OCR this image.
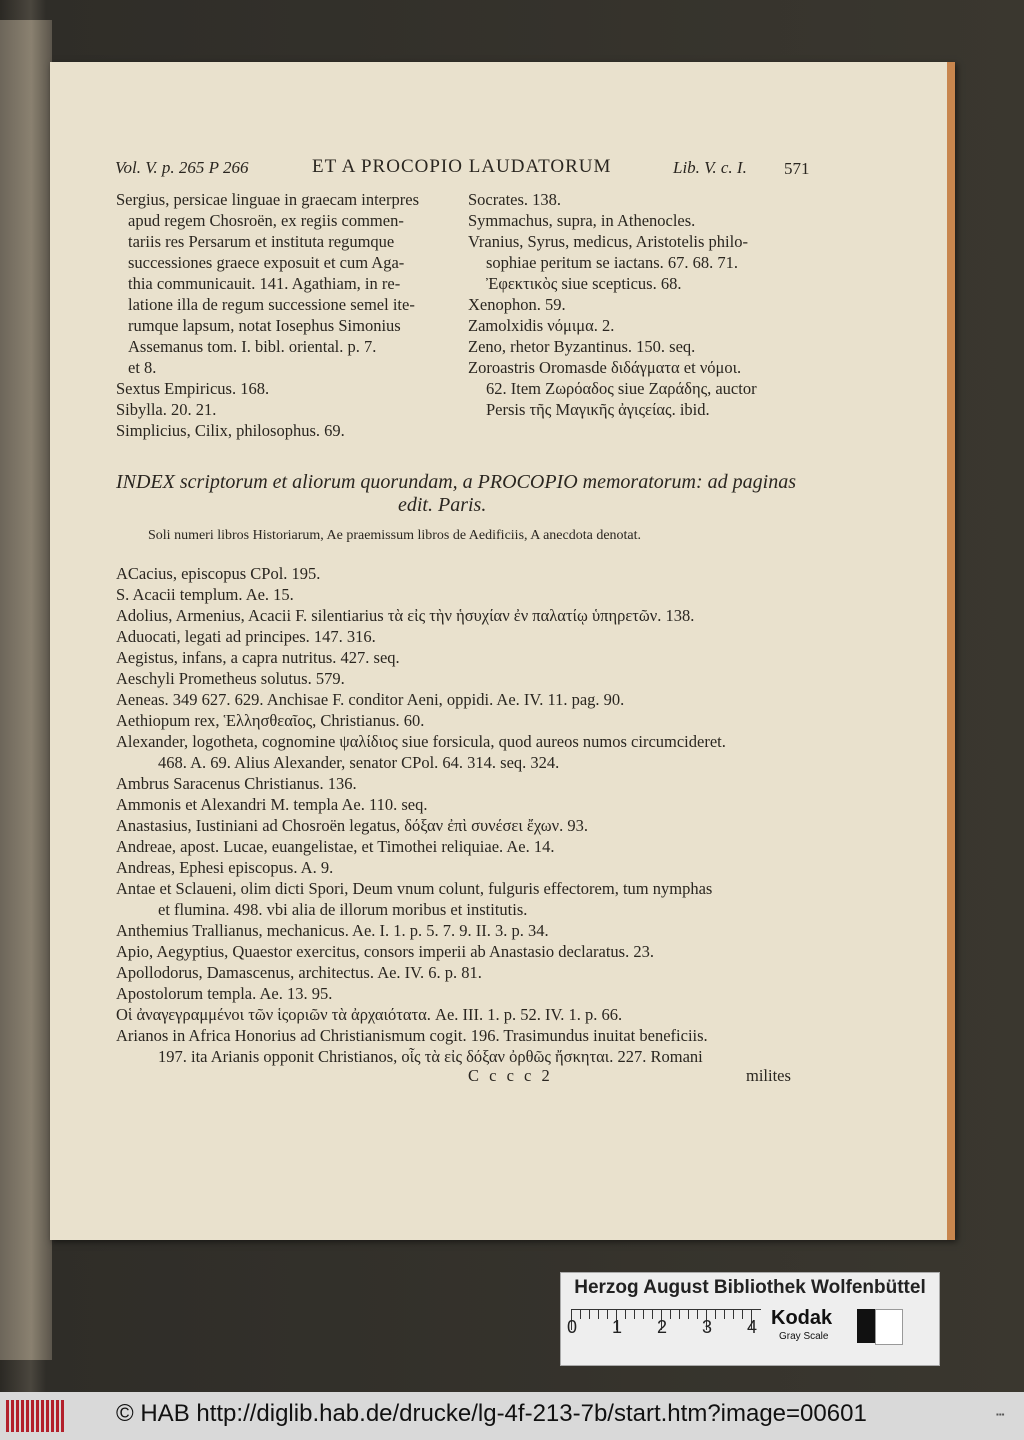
Vol. V. p. 265 P 266	ET A PROCOPIO LAUDATORUM	Lib. V. c. I. 571
Sergius, persicae linguae in graecam interpres
apud regem Chosroën, ex regiis commen-
tariis res Persarum et instituta regumque
successiones graece exposuit et cum Aga-
thia communicauit. 141. Agathiam, in re-
latione illa de regum successione semel ite-
rumque lapsum, notat Iosephus Simonius
Assemanus tom. I. bibl. oriental. p. 7.
et 8.
Sextus Empiricus. 168.
Sibylla. 20. 21.
Simplicius, Cilix, philosophus. 69.
Socrates. 138.
Symmachus, supra, in Athenocles.
Vranius, Syrus, medicus, Aristotelis philo-
sophiae peritum se iactans. 67. 68. 71.
Ἐφεκτικὸς siue scepticus. 68.
Xenophon. 59.
Zamolxidis νόμιμα. 2.
Zeno, rhetor Byzantinus. 150. seq.
Zoroastris Oromasde διδάγματα et νόμοι.
62. Item Ζωρόαδος siue Ζαράδης, auctor
Persis τῆς Μαγικῆς ἀγιςείας. ibid.
INDEX scriptorum et aliorum quorundam, a PROCOPIO memoratorum: ad paginas
edit. Paris.
Soli numeri libros Historiarum, Ae praemissum libros de Aedificiis, A anecdota denotat.
ACacius, episcopus CPol. 195.
S. Acacii templum. Ae. 15.
Adolius, Armenius, Acacii F. silentiarius τὰ εἰς τὴν ἡσυχίαν ἐν παλατίῳ ὑπηρετῶν. 138.
Aduocati, legati ad principes. 147. 316.
Aegistus, infans, a capra nutritus. 427. seq.
Aeschyli Prometheus solutus. 579.
Aeneas. 349 627. 629. Anchisae F. conditor Aeni, oppidi. Ae. IV. 11. pag. 90.
Aethiopum rex, Ἑλλησθεαῖος, Christianus. 60.
Alexander, logotheta, cognomine ψαλίδιος siue forsicula, quod aureos numos circumcideret.
468. A. 69. Alius Alexander, senator CPol. 64. 314. seq. 324.
Ambrus Saracenus Christianus. 136.
Ammonis et Alexandri M. templa Ae. 110. seq.
Anastasius, Iustiniani ad Chosroën legatus, δόξαν ἐπὶ συνέσει ἔχων. 93.
Andreae, apost. Lucae, euangelistae, et Timothei reliquiae. Ae. 14.
Andreas, Ephesi episcopus. A. 9.
Antae et Sclaueni, olim dicti Spori, Deum vnum colunt, fulguris effectorem, tum nymphas
et flumina. 498. vbi alia de illorum moribus et institutis.
Anthemius Trallianus, mechanicus. Ae. I. 1. p. 5. 7. 9. II. 3. p. 34.
Apio, Aegyptius, Quaestor exercitus, consors imperii ab Anastasio declaratus. 23.
Apollodorus, Damascenus, architectus. Ae. IV. 6. p. 81.
Apostolorum templa. Ae. 13. 95.
Οἱ ἀναγεγραμμένοι τῶν ἱςοριῶν τὰ ἀρχαιότατα. Ae. III. 1. p. 52. IV. 1. p. 66.
Arianos in Africa Honorius ad Christianismum cogit. 196. Trasimundus inuitat beneficiis.
197. ita Arianis opponit Christianos, οἷς τὰ εἰς δόξαν ὀρθῶς ἤσκηται. 227. Romani
C c c c 2	milites
Herzog August Bibliothek Wolfenbüttel
0 1 2 3 4 Kodak
Gray Scale
© HAB http://diglib.hab.de/drucke/lg-4f-213-7b/start.htm?image=00601	▪▪▪
